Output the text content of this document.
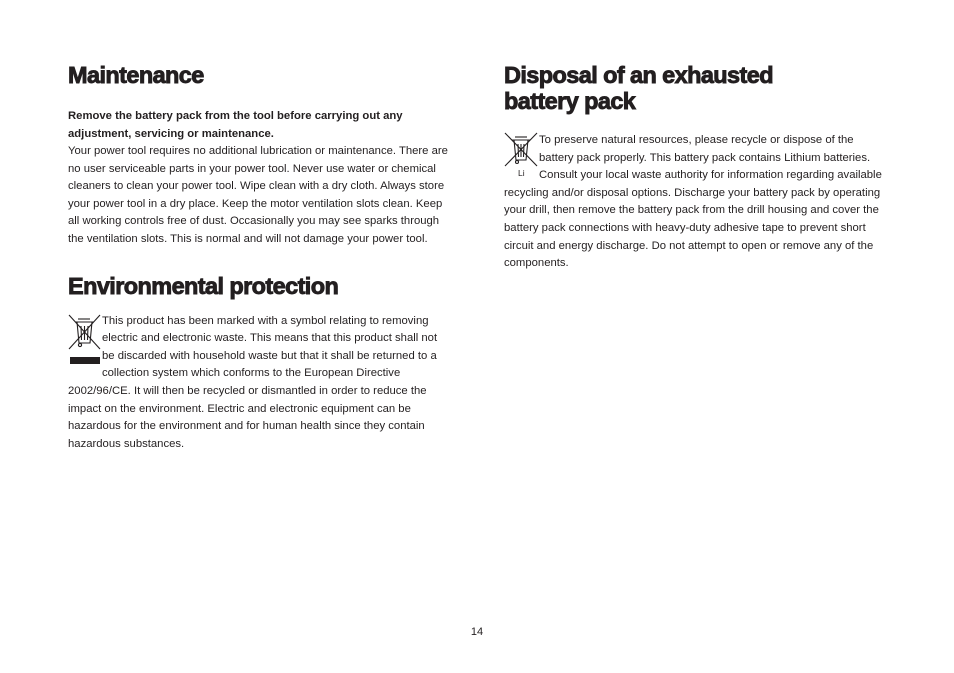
Maintenance

Remove the battery pack from the tool before carrying out any adjustment, servicing or maintenance.

Your power tool requires no additional lubrication or maintenance. There are no user serviceable parts in your power tool. Never use water or chemical cleaners to clean your power tool. Wipe clean with a dry cloth. Always store your power tool in a dry place. Keep the motor ventilation slots clean. Keep all working controls free of dust. Occasionally you may see sparks through the ventilation slots. This is normal and will not damage your power tool.

Environmental protection

This product has been marked with a symbol relating to removing electric and electronic waste. This means that this product shall not be discarded with household waste but that it shall be returned to a collection system which conforms to the European Directive 2002/96/CE. It will then be recycled or dismantled in order to reduce the impact on the environment. Electric and electronic equipment can be hazardous for the environment and for human health since they contain hazardous substances.

Disposal of an exhausted
battery pack
Li

To preserve natural resources, please recycle or dispose of the battery pack properly. This battery pack contains Lithium batteries. Consult your local waste authority for information regarding available recycling and/or disposal options. Discharge your battery pack by operating your drill, then remove the battery pack from the drill housing and cover the battery pack connections with heavy-duty adhesive tape to prevent short circuit and energy discharge. Do not attempt to open or remove any of the components.

14
